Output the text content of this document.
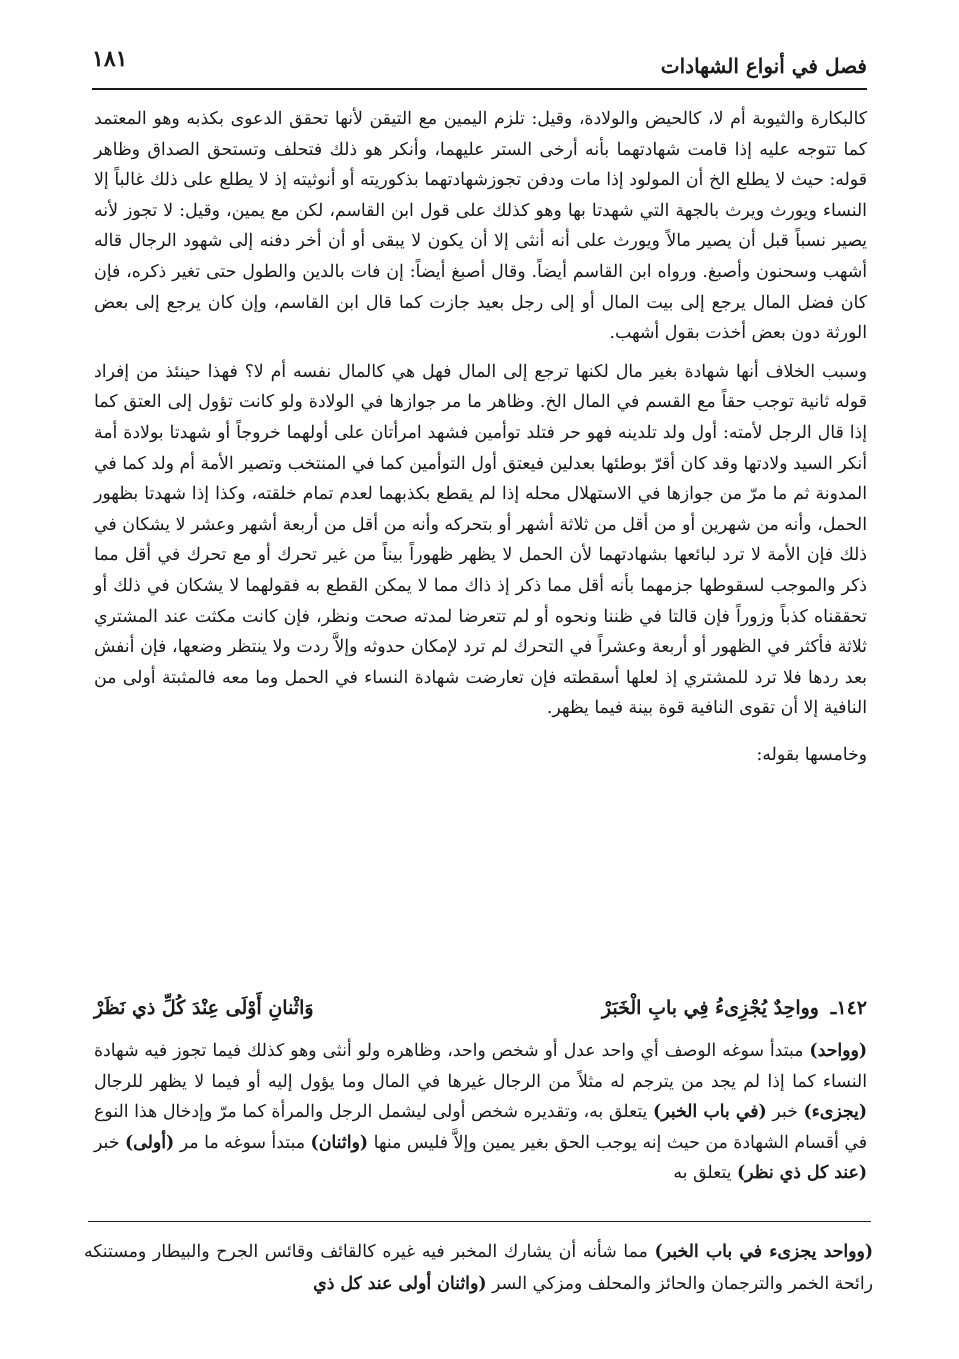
فصل في أنواع الشهادات
١٨١

كالبكارة والثيوبة أم لا، كالحيض والولادة، وقيل: تلزم اليمين مع التيقن لأنها تحقق الدعوى بكذبه وهو المعتمد كما تتوجه عليه إذا قامت شهادتهما بأنه أرخى الستر عليهما، وأنكر هو ذلك فتحلف وتستحق الصداق وظاهر قوله: حيث لا يطلع الخ أن المولود إذا مات ودفن تجوزشهادتهما بذكوريته أو أنوثيته إذ لا يطلع على ذلك غالباً إلا النساء ويورث ويرث بالجهة التي شهدتا بها وهو كذلك على قول ابن القاسم، لكن مع يمين، وقيل: لا تجوز لأنه يصير نسباً قبل أن يصير مالاً ويورث على أنه أنثى إلا أن يكون لا يبقى أو أن أخر دفنه إلى شهود الرجال قاله أشهب وسحنون وأصبغ. ورواه ابن القاسم أيضاً. وقال أصبغ أيضاً: إن فات بالدين والطول حتى تغير ذكره، فإن كان فضل المال يرجع إلى بيت المال أو إلى رجل بعيد جازت كما قال ابن القاسم، وإن كان يرجع إلى بعض الورثة دون بعض أخذت بقول أشهب.

وسبب الخلاف أنها شهادة بغير مال لكنها ترجع إلى المال فهل هي كالمال نفسه أم لا؟ فهذا حينئذ من إفراد قوله ثانية توجب حقاً مع القسم في المال الخ. وظاهر ما مر جوازها في الولادة ولو كانت تؤول إلى العتق كما إذا قال الرجل لأمته: أول ولد تلدينه فهو حر فتلد توأمين فشهد امرأتان على أولهما خروجاً أو شهدتا بولادة أمة أنكر السيد ولادتها وقد كان أقرّ بوطئها بعدلين فيعتق أول التوأمين كما في المنتخب وتصير الأمة أم ولد كما في المدونة ثم ما مرّ من جوازها في الاستهلال محله إذا لم يقطع بكذبهما لعدم تمام خلقته، وكذا إذا شهدتا بظهور الحمل، وأنه من شهرين أو من أقل من ثلاثة أشهر أو بتحركه وأنه من أقل من أربعة أشهر وعشر لا يشكان في ذلك فإن الأمة لا ترد لبائعها بشهادتهما لأن الحمل لا يظهر ظهوراً بيناً من غير تحرك أو مع تحرك في أقل مما ذكر والموجب لسقوطها جزمهما بأنه أقل مما ذكر إذ ذاك مما لا يمكن القطع به فقولهما لا يشكان في ذلك أو تحققناه كذباً وزوراً فإن قالتا في ظننا ونحوه أو لم تتعرضا لمدته صحت ونظر، فإن كانت مكثت عند المشتري ثلاثة فأكثر في الظهور أو أربعة وعشراً في التحرك لم ترد لإمكان حدوثه وإلاَّ ردت ولا ينتظر وضعها، فإن أنفش بعد ردها فلا ترد للمشتري إذ لعلها أسقطته فإن تعارضت شهادة النساء في الحمل وما معه فالمثبتة أولى من النافية إلا أن تقوى النافية قوة بينة فيما يظهر.

وخامسها بقوله:

١٤٢ـ
وواحِدٌ يُجْزِىءُ فِي بابِ الْخَبَرْ
وَاثْنانِ أَوْلَى عِنْدَ كُلِّ ذي نَظَرْ

(وواحد) مبتدأ سوغه الوصف أي واحد عدل أو شخص واحد، وظاهره ولو أنثى وهو كذلك فيما تجوز فيه شهادة النساء كما إذا لم يجد من يترجم له مثلاً من الرجال غيرها في المال وما يؤول إليه أو فيما لا يظهر للرجال (يجزىء) خبر (في باب الخبر) يتعلق به، وتقديره شخص أولى ليشمل الرجل والمرأة كما مرّ وإدخال هذا النوع في أقسام الشهادة من حيث إنه يوجب الحق بغير يمين وإلاَّ فليس منها (واثنان) مبتدأ سوغه ما مر (أولى) خبر (عند كل ذي نظر) يتعلق به

(وواحد يجزىء في باب الخبر) مما شأنه أن يشارك المخبر فيه غيره كالقائف وقائس الجرح والبيطار ومستنكه رائحة الخمر والترجمان والحائز والمحلف ومزكي السر (واثنان أولى عند كل ذي
